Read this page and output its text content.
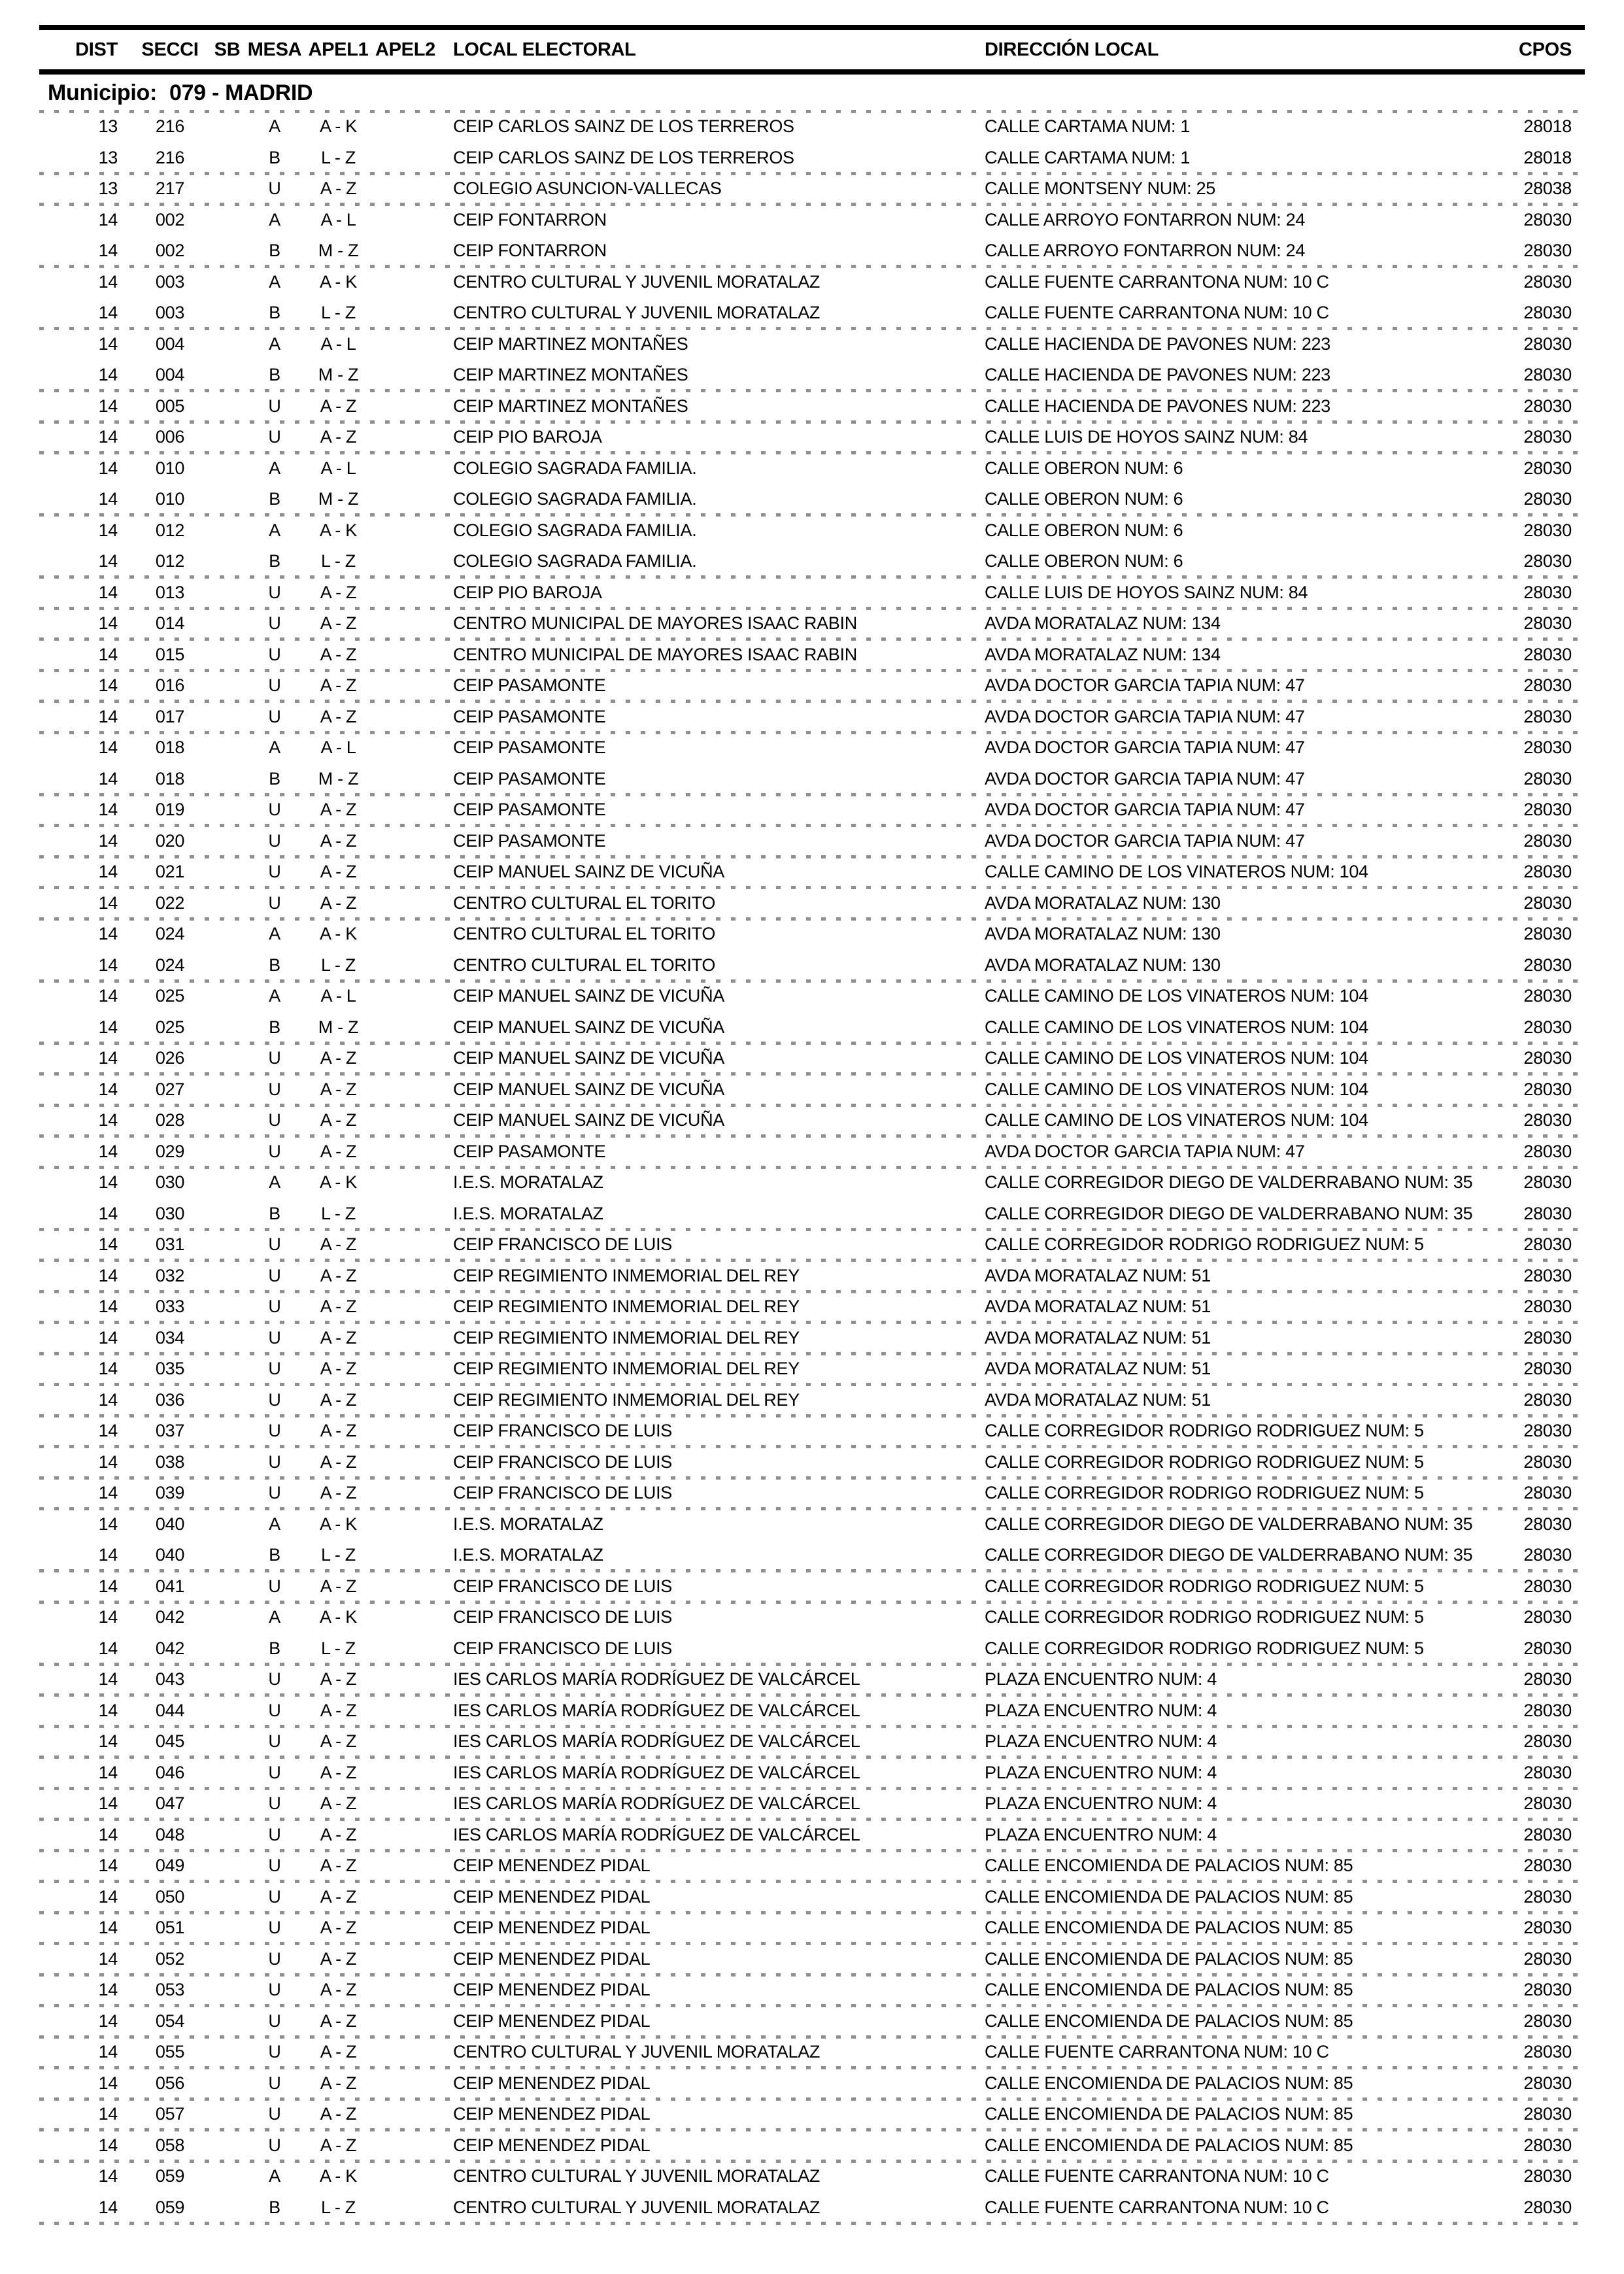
DIST	SECCI SB MESA APEL1 APEL2 LOCAL ELECTORAL	DIRECCIÓN LOCAL	CPOS
Municipio: 079 - MADRID
13	216	A	A - K	CEIP CARLOS SAINZ DE LOS TERREROS	CALLE CARTAMA NUM: 1	28018
13	216	B	L - Z	CEIP CARLOS SAINZ DE LOS TERREROS	CALLE CARTAMA NUM: 1	28018
13	217	U	A - Z	COLEGIO ASUNCION-VALLECAS	CALLE MONTSENY NUM: 25	28038
14	002	A	A - L	CEIP FONTARRON	CALLE ARROYO FONTARRON NUM: 24	28030
14	002	B	M - Z	CEIP FONTARRON	CALLE ARROYO FONTARRON NUM: 24	28030
14	003	A	A - K	CENTRO CULTURAL Y JUVENIL MORATALAZ	CALLE FUENTE CARRANTONA NUM: 10 C	28030
14	003	B	L - Z	CENTRO CULTURAL Y JUVENIL MORATALAZ	CALLE FUENTE CARRANTONA NUM: 10 C	28030
14	004	A	A - L	CEIP MARTINEZ MONTAÑES	CALLE HACIENDA DE PAVONES NUM: 223	28030
14	004	B	M - Z	CEIP MARTINEZ MONTAÑES	CALLE HACIENDA DE PAVONES NUM: 223	28030
14	005	U	A - Z	CEIP MARTINEZ MONTAÑES	CALLE HACIENDA DE PAVONES NUM: 223	28030
14	006	U	A - Z	CEIP PIO BAROJA	CALLE LUIS DE HOYOS SAINZ NUM: 84	28030
14	010	A	A - L	COLEGIO SAGRADA FAMILIA.	CALLE OBERON NUM: 6	28030
14	010	B	M - Z	COLEGIO SAGRADA FAMILIA.	CALLE OBERON NUM: 6	28030
14	012	A	A - K	COLEGIO SAGRADA FAMILIA.	CALLE OBERON NUM: 6	28030
14	012	B	L - Z	COLEGIO SAGRADA FAMILIA.	CALLE OBERON NUM: 6	28030
14	013	U	A - Z	CEIP PIO BAROJA	CALLE LUIS DE HOYOS SAINZ NUM: 84	28030
14	014	U	A - Z	CENTRO MUNICIPAL DE MAYORES ISAAC RABIN	AVDA MORATALAZ NUM: 134	28030
14	015	U	A - Z	CENTRO MUNICIPAL DE MAYORES ISAAC RABIN	AVDA MORATALAZ NUM: 134	28030
14	016	U	A - Z	CEIP PASAMONTE	AVDA DOCTOR GARCIA TAPIA NUM: 47	28030
14	017	U	A - Z	CEIP PASAMONTE	AVDA DOCTOR GARCIA TAPIA NUM: 47	28030
14	018	A	A - L	CEIP PASAMONTE	AVDA DOCTOR GARCIA TAPIA NUM: 47	28030
14	018	B	M - Z	CEIP PASAMONTE	AVDA DOCTOR GARCIA TAPIA NUM: 47	28030
14	019	U	A - Z	CEIP PASAMONTE	AVDA DOCTOR GARCIA TAPIA NUM: 47	28030
14	020	U	A - Z	CEIP PASAMONTE	AVDA DOCTOR GARCIA TAPIA NUM: 47	28030
14	021	U	A - Z	CEIP MANUEL SAINZ DE VICUÑA	CALLE CAMINO DE LOS VINATEROS NUM: 104	28030
14	022	U	A - Z	CENTRO CULTURAL EL TORITO	AVDA MORATALAZ NUM: 130	28030
14	024	A	A - K	CENTRO CULTURAL EL TORITO	AVDA MORATALAZ NUM: 130	28030
14	024	B	L - Z	CENTRO CULTURAL EL TORITO	AVDA MORATALAZ NUM: 130	28030
14	025	A	A - L	CEIP MANUEL SAINZ DE VICUÑA	CALLE CAMINO DE LOS VINATEROS NUM: 104	28030
14	025	B	M - Z	CEIP MANUEL SAINZ DE VICUÑA	CALLE CAMINO DE LOS VINATEROS NUM: 104	28030
14	026	U	A - Z	CEIP MANUEL SAINZ DE VICUÑA	CALLE CAMINO DE LOS VINATEROS NUM: 104	28030
14	027	U	A - Z	CEIP MANUEL SAINZ DE VICUÑA	CALLE CAMINO DE LOS VINATEROS NUM: 104	28030
14	028	U	A - Z	CEIP MANUEL SAINZ DE VICUÑA	CALLE CAMINO DE LOS VINATEROS NUM: 104	28030
14	029	U	A - Z	CEIP PASAMONTE	AVDA DOCTOR GARCIA TAPIA NUM: 47	28030
14	030	A	A - K	I.E.S. MORATALAZ	CALLE CORREGIDOR DIEGO DE VALDERRABANO NUM: 35	28030
14	030	B	L - Z	I.E.S. MORATALAZ	CALLE CORREGIDOR DIEGO DE VALDERRABANO NUM: 35	28030
14	031	U	A - Z	CEIP FRANCISCO DE LUIS	CALLE CORREGIDOR RODRIGO RODRIGUEZ NUM: 5	28030
14	032	U	A - Z	CEIP REGIMIENTO INMEMORIAL DEL REY	AVDA MORATALAZ NUM: 51	28030
14	033	U	A - Z	CEIP REGIMIENTO INMEMORIAL DEL REY	AVDA MORATALAZ NUM: 51	28030
14	034	U	A - Z	CEIP REGIMIENTO INMEMORIAL DEL REY	AVDA MORATALAZ NUM: 51	28030
14	035	U	A - Z	CEIP REGIMIENTO INMEMORIAL DEL REY	AVDA MORATALAZ NUM: 51	28030
14	036	U	A - Z	CEIP REGIMIENTO INMEMORIAL DEL REY	AVDA MORATALAZ NUM: 51	28030
14	037	U	A - Z	CEIP FRANCISCO DE LUIS	CALLE CORREGIDOR RODRIGO RODRIGUEZ NUM: 5	28030
14	038	U	A - Z	CEIP FRANCISCO DE LUIS	CALLE CORREGIDOR RODRIGO RODRIGUEZ NUM: 5	28030
14	039	U	A - Z	CEIP FRANCISCO DE LUIS	CALLE CORREGIDOR RODRIGO RODRIGUEZ NUM: 5	28030
14	040	A	A - K	I.E.S. MORATALAZ	CALLE CORREGIDOR DIEGO DE VALDERRABANO NUM: 35	28030
14	040	B	L - Z	I.E.S. MORATALAZ	CALLE CORREGIDOR DIEGO DE VALDERRABANO NUM: 35	28030
14	041	U	A - Z	CEIP FRANCISCO DE LUIS	CALLE CORREGIDOR RODRIGO RODRIGUEZ NUM: 5	28030
14	042	A	A - K	CEIP FRANCISCO DE LUIS	CALLE CORREGIDOR RODRIGO RODRIGUEZ NUM: 5	28030
14	042	B	L - Z	CEIP FRANCISCO DE LUIS	CALLE CORREGIDOR RODRIGO RODRIGUEZ NUM: 5	28030
14	043	U	A - Z	IES CARLOS MARÍA RODRÍGUEZ DE VALCÁRCEL	PLAZA ENCUENTRO NUM: 4	28030
14	044	U	A - Z	IES CARLOS MARÍA RODRÍGUEZ DE VALCÁRCEL	PLAZA ENCUENTRO NUM: 4	28030
14	045	U	A - Z	IES CARLOS MARÍA RODRÍGUEZ DE VALCÁRCEL	PLAZA ENCUENTRO NUM: 4	28030
14	046	U	A - Z	IES CARLOS MARÍA RODRÍGUEZ DE VALCÁRCEL	PLAZA ENCUENTRO NUM: 4	28030
14	047	U	A - Z	IES CARLOS MARÍA RODRÍGUEZ DE VALCÁRCEL	PLAZA ENCUENTRO NUM: 4	28030
14	048	U	A - Z	IES CARLOS MARÍA RODRÍGUEZ DE VALCÁRCEL	PLAZA ENCUENTRO NUM: 4	28030
14	049	U	A - Z	CEIP MENENDEZ PIDAL	CALLE ENCOMIENDA DE PALACIOS NUM: 85	28030
14	050	U	A - Z	CEIP MENENDEZ PIDAL	CALLE ENCOMIENDA DE PALACIOS NUM: 85	28030
14	051	U	A - Z	CEIP MENENDEZ PIDAL	CALLE ENCOMIENDA DE PALACIOS NUM: 85	28030
14	052	U	A - Z	CEIP MENENDEZ PIDAL	CALLE ENCOMIENDA DE PALACIOS NUM: 85	28030
14	053	U	A - Z	CEIP MENENDEZ PIDAL	CALLE ENCOMIENDA DE PALACIOS NUM: 85	28030
14	054	U	A - Z	CEIP MENENDEZ PIDAL	CALLE ENCOMIENDA DE PALACIOS NUM: 85	28030
14	055	U	A - Z	CENTRO CULTURAL Y JUVENIL MORATALAZ	CALLE FUENTE CARRANTONA NUM: 10 C	28030
14	056	U	A - Z	CEIP MENENDEZ PIDAL	CALLE ENCOMIENDA DE PALACIOS NUM: 85	28030
14	057	U	A - Z	CEIP MENENDEZ PIDAL	CALLE ENCOMIENDA DE PALACIOS NUM: 85	28030
14	058	U	A - Z	CEIP MENENDEZ PIDAL	CALLE ENCOMIENDA DE PALACIOS NUM: 85	28030
14	059	A	A - K	CENTRO CULTURAL Y JUVENIL MORATALAZ	CALLE FUENTE CARRANTONA NUM: 10 C	28030
14	059	B	L - Z	CENTRO CULTURAL Y JUVENIL MORATALAZ	CALLE FUENTE CARRANTONA NUM: 10 C	28030
